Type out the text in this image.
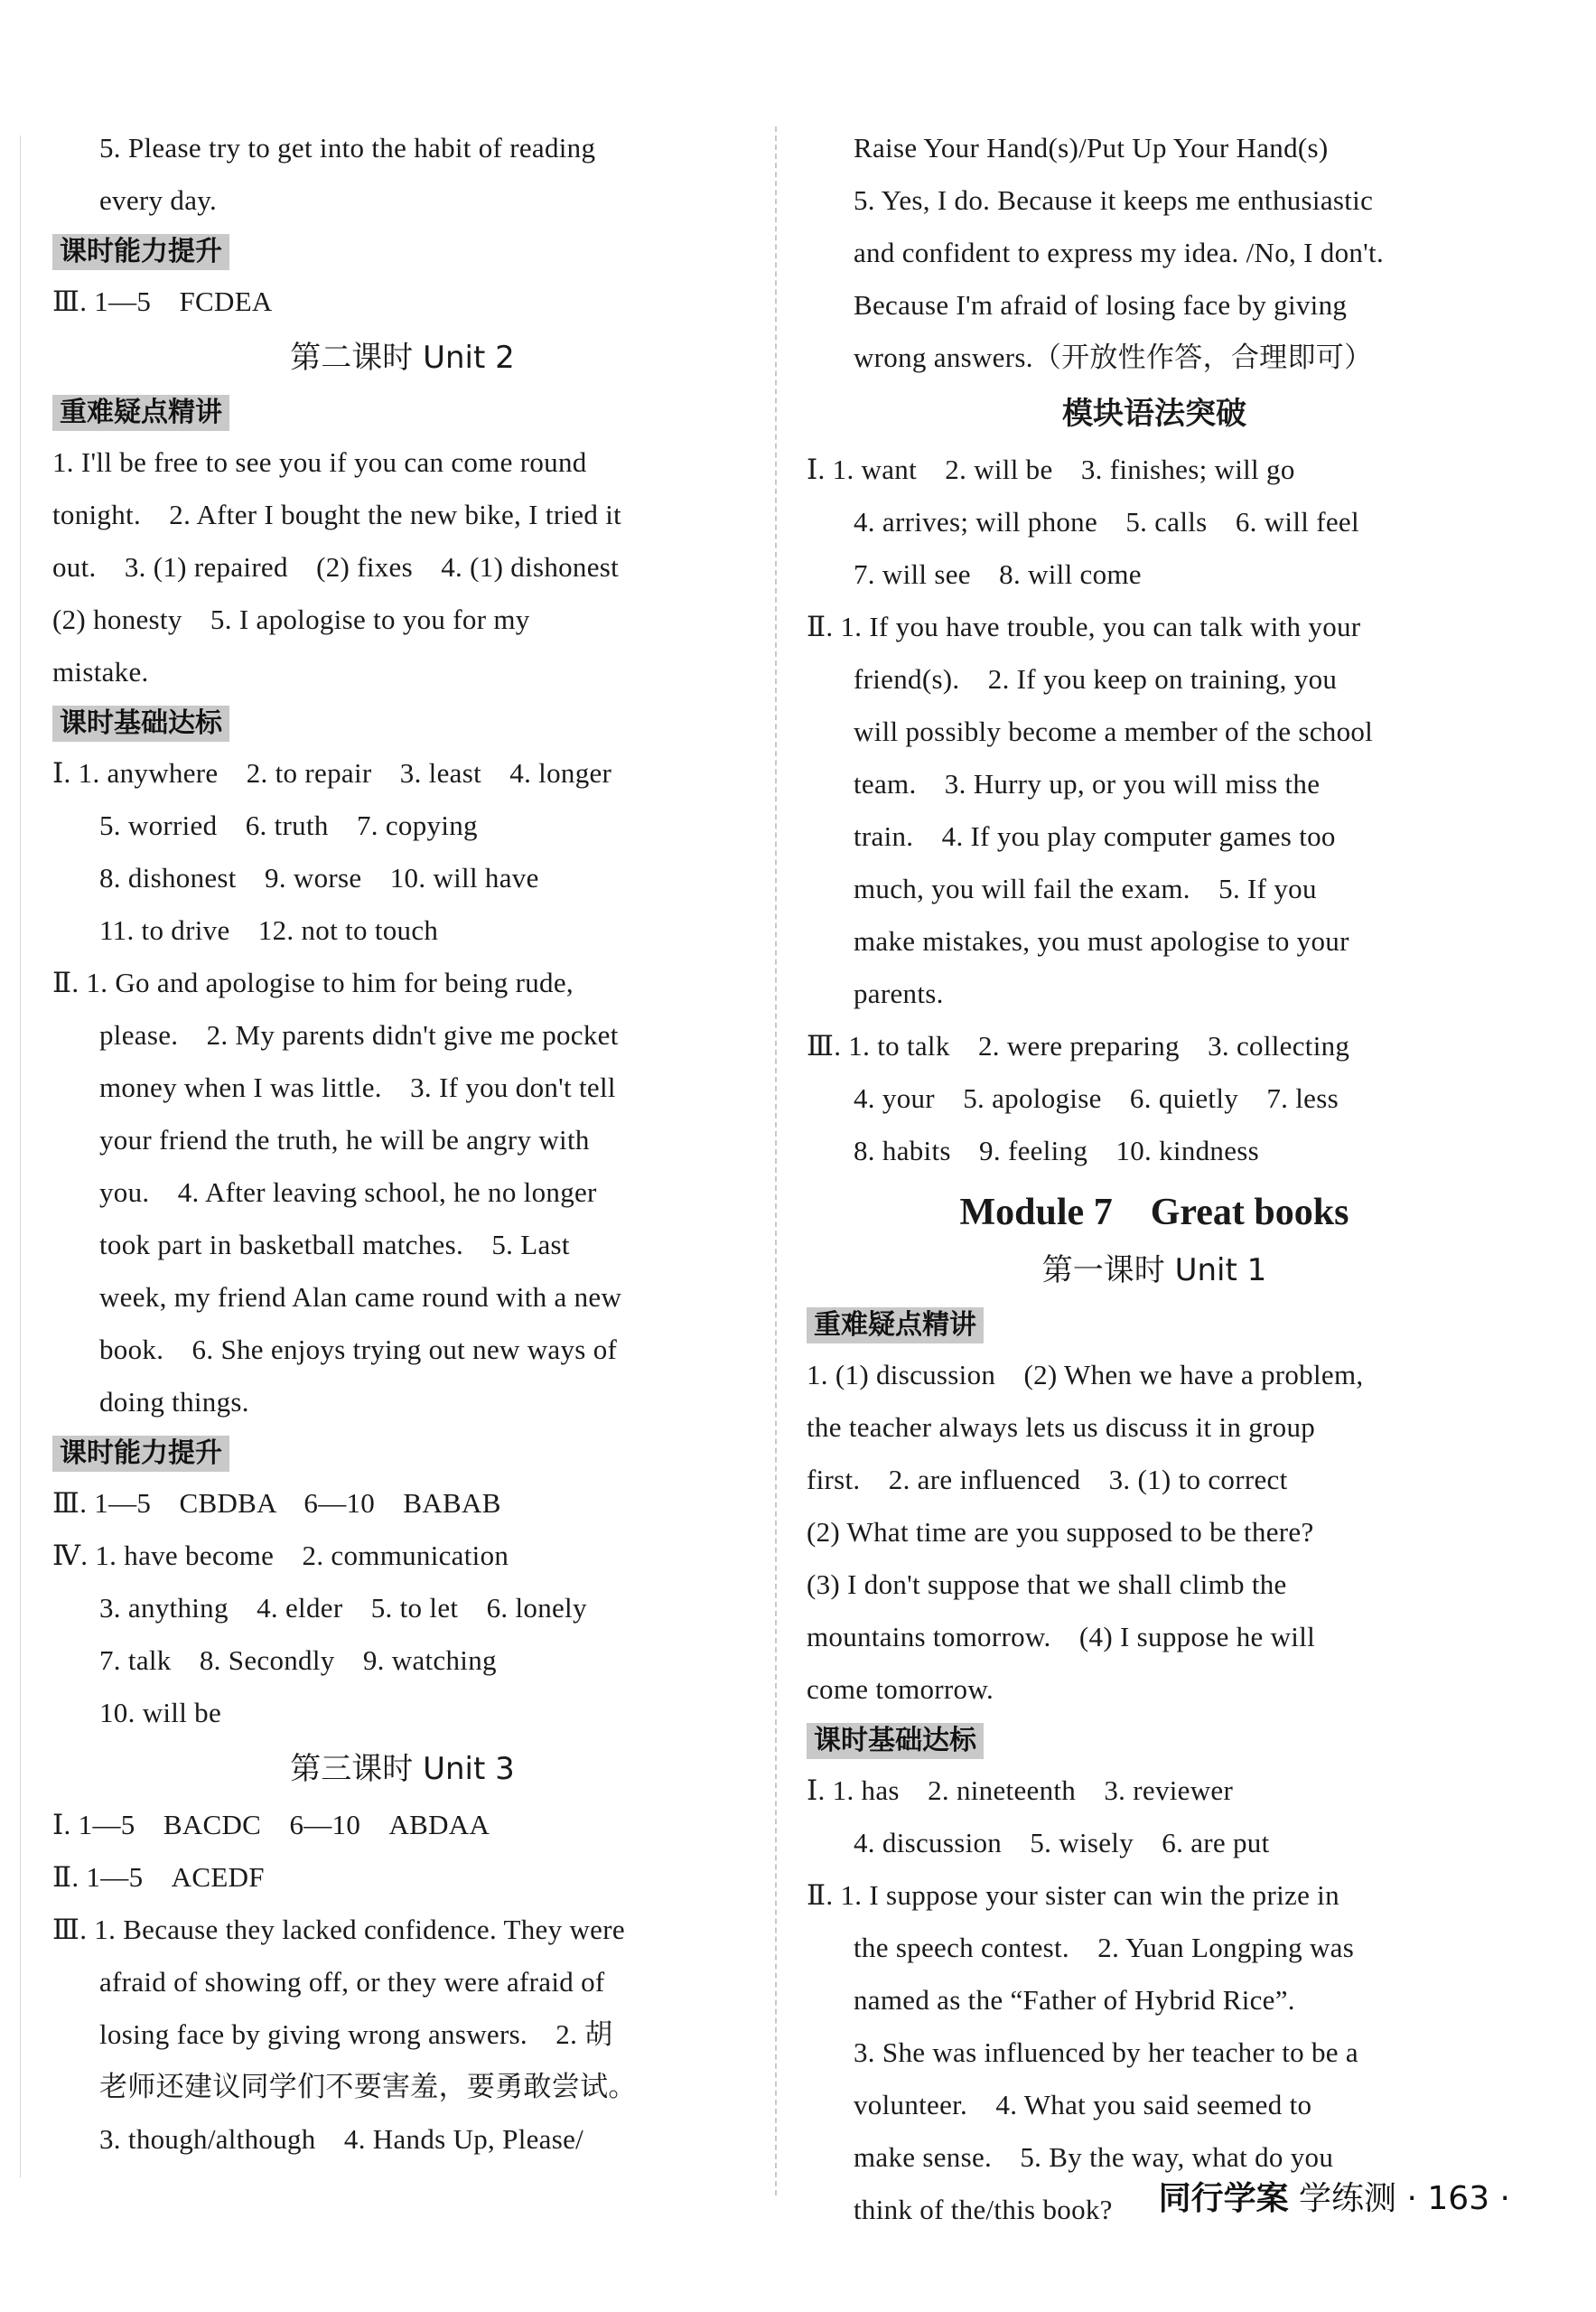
5. Please try to get into the habit of reading

every day.

课时能力提升

Ⅲ. 1—5　FCDEA

第二课时 Unit 2
重难疑点精讲

1. I'll be free to see you if you can come round

tonight.　2. After I bought the new bike, I tried it

out.　3. (1) repaired　(2) fixes　4. (1) dishonest

(2) honesty　5. I apologise to you for my

mistake.

课时基础达标

Ⅰ. 1. anywhere　2. to repair　3. least　4. longer

5. worried　6. truth　7. copying

8. dishonest　9. worse　10. will have

11. to drive　12. not to touch

Ⅱ. 1. Go and apologise to him for being rude,

please.　2. My parents didn't give me pocket

money when I was little.　3. If you don't tell

your friend the truth, he will be angry with

you.　4. After leaving school, he no longer

took part in basketball matches.　5. Last

week, my friend Alan came round with a new

book.　6. She enjoys trying out new ways of

doing things.

课时能力提升

Ⅲ. 1—5　CBDBA　6—10　BABAB

Ⅳ. 1. have become　2. communication

3. anything　4. elder　5. to let　6. lonely

7. talk　8. Secondly　9. watching

10. will be

第三课时 Unit 3

Ⅰ. 1—5　BACDC　6—10　ABDAA

Ⅱ. 1—5　ACEDF

Ⅲ. 1. Because they lacked confidence. They were

afraid of showing off, or they were afraid of

losing face by giving wrong answers.　2. 胡

老师还建议同学们不要害羞，要勇敢尝试。

3. though/although　4. Hands Up, Please/

Raise Your Hand(s)/Put Up Your Hand(s)

5. Yes, I do. Because it keeps me enthusiastic

and confident to express my idea. /No, I don't.

Because I'm afraid of losing face by giving

wrong answers.（开放性作答，合理即可）

模块语法突破

Ⅰ. 1. want　2. will be　3. finishes; will go

4. arrives; will phone　5. calls　6. will feel

7. will see　8. will come

Ⅱ. 1. If you have trouble, you can talk with your

friend(s).　2. If you keep on training, you

will possibly become a member of the school

team.　3. Hurry up, or you will miss the

train.　4. If you play computer games too

much, you will fail the exam.　5. If you

make mistakes, you must apologise to your

parents.

Ⅲ. 1. to talk　2. were preparing　3. collecting

4. your　5. apologise　6. quietly　7. less

8. habits　9. feeling　10. kindness

Module 7　Great books
第一课时 Unit 1
重难疑点精讲

1. (1) discussion　(2) When we have a problem,

the teacher always lets us discuss it in group

first.　2. are influenced　3. (1) to correct

(2) What time are you supposed to be there?

(3) I don't suppose that we shall climb the

mountains tomorrow.　(4) I suppose he will

come tomorrow.

课时基础达标

Ⅰ. 1. has　2. nineteenth　3. reviewer

4. discussion　5. wisely　6. are put

Ⅱ. 1. I suppose your sister can win the prize in

the speech contest.　2. Yuan Longping was

named as the “Father of Hybrid Rice”.

3. She was influenced by her teacher to be a

volunteer.　4. What you said seemed to

make sense.　5. By the way, what do you

think of the/this book?	同行学案 学练测 · 163 ·
